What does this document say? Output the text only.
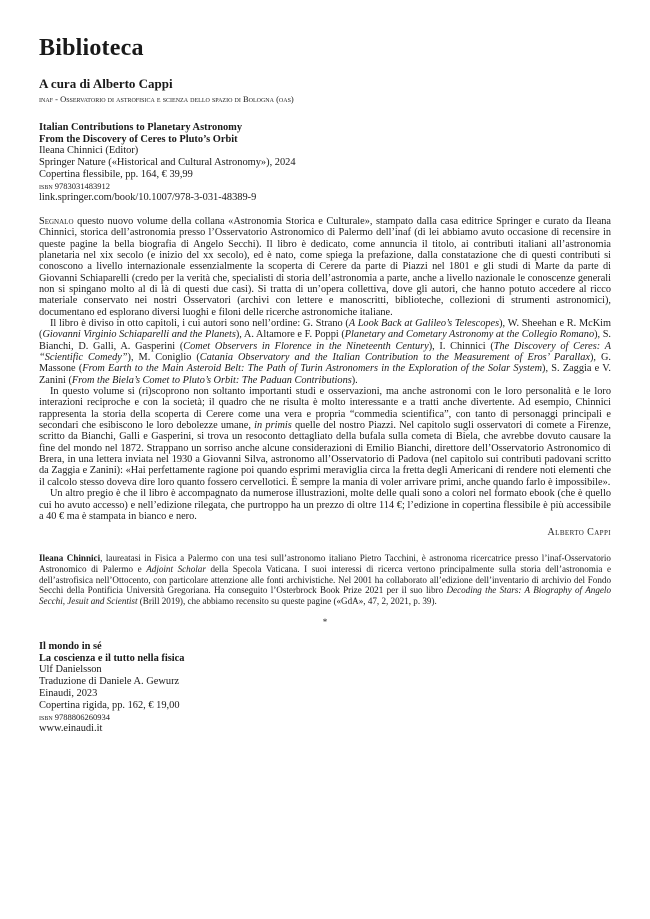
Biblioteca
A cura di Alberto Cappi
inaf - Osservatorio di astrofisica e scienza dello spazio di Bologna (oas)
Italian Contributions to Planetary Astronomy
From the Discovery of Ceres to Pluto’s Orbit
Ileana Chinnici (Editor)
Springer Nature («Historical and Cultural Astronomy»), 2024
Copertina flessibile, pp. 164, € 39,99
isbn 9783031483912
link.springer.com/book/10.1007/978-3-031-48389-9

Segnalo questo nuovo volume della collana «Astronomia Storica e Culturale», stampato dalla casa editrice Springer e curato da Ileana Chinnici, storica dell’astronomia presso l’Osservatorio Astronomico di Palermo dell’inaf (di lei abbiamo avuto occasione di recensire in queste pagine la bella biografia di Angelo Secchi). Il libro è dedicato, come annuncia il titolo, ai contributi italiani all’astronomia planetaria nel xix secolo (e inizio del xx secolo), ed è nato, come spiega la prefazione, dalla constatazione che di questi contributi si conoscono a livello internazionale essenzialmente la scoperta di Cerere da parte di Piazzi nel 1801 e gli studi di Marte da parte di Giovanni Schiaparelli (credo per la verità che, specialisti di storia dell’astronomia a parte, anche a livello nazionale le conoscenze generali non si spingano molto al di là di questi due casi). Si tratta di un’opera collettiva, dove gli autori, che hanno potuto accedere al ricco materiale conservato nei nostri Osservatori (archivi con lettere e manoscritti, biblioteche, collezioni di strumenti astronomici), documentano ed esplorano diversi luoghi e filoni delle ricerche astronomiche italiane.

Il libro è diviso in otto capitoli, i cui autori sono nell’ordine: G. Strano (A Look Back at Galileo’s Telescopes), W. Sheehan e R. McKim (Giovanni Virginio Schiaparelli and the Planets), A. Altamore e F. Poppi (Planetary and Cometary Astronomy at the Collegio Romano), S. Bianchi, D. Galli, A. Gasperini (Comet Observers in Florence in the Nineteenth Century), I. Chinnici (The Discovery of Ceres: A “Scientific Comedy”), M. Coniglio (Catania Observatory and the Italian Contribution to the Measurement of Eros’ Parallax), G. Massone (From Earth to the Main Asteroid Belt: The Path of Turin Astronomers in the Exploration of the Solar System), S. Zaggia e V. Zanini (From the Biela’s Comet to Pluto’s Orbit: The Paduan Contributions).

In questo volume si (ri)scoprono non soltanto importanti studi e osservazioni, ma anche astronomi con le loro personalità e le loro interazioni reciproche e con la società; il quadro che ne risulta è molto interessante e a tratti anche divertente. Ad esempio, Chinnici rappresenta la storia della scoperta di Cerere come una vera e propria “commedia scientifica”, con tanto di personaggi principali e secondari che esibiscono le loro debolezze umane, in primis quelle del nostro Piazzi. Nel capitolo sugli osservatori di comete a Firenze, scritto da Bianchi, Galli e Gasperini, si trova un resoconto dettagliato della bufala sulla cometa di Biela, che avrebbe dovuto causare la fine del mondo nel 1872. Strappano un sorriso anche alcune considerazioni di Emilio Bianchi, direttore dell’Osservatorio Astronomico di Brera, in una lettera inviata nel 1930 a Giovanni Silva, astronomo all’Osservatorio di Padova (nel capitolo sui contributi padovani scritto da Zaggia e Zanini): «Hai perfettamente ragione poi quando esprimi meraviglia circa la fretta degli Americani di rendere noti elementi che il calcolo stesso doveva dire loro quanto fossero cervellotici. È sempre la mania di voler arrivare primi, anche quando farlo è impossibile».

Un altro pregio è che il libro è accompagnato da numerose illustrazioni, molte delle quali sono a colori nel formato ebook (che è quello cui ho avuto accesso) e nell’edizione rilegata, che purtroppo ha un prezzo di oltre 114 €; l’edizione in copertina flessibile è più accessibile a 40 € ma è stampata in bianco e nero.

Alberto Cappi
Ileana Chinnici, laureatasi in Fisica a Palermo con una tesi sull’astronomo italiano Pietro Tacchini, è astronoma ricercatrice presso l’inaf-Osservatorio Astronomico di Palermo e Adjoint Scholar della Specola Vaticana. I suoi interessi di ricerca vertono principalmente sulla storia dell’astronomia e dell’astrofisica nell’Ottocento, con particolare attenzione alle fonti archivistiche. Nel 2001 ha collaborato all’edizione dell’inventario di archivio del Fondo Secchi della Pontificia Università Gregoriana. Ha conseguito l’Osterbrock Book Prize 2021 per il suo libro Decoding the Stars: A Biography of Angelo Secchi, Jesuit and Scientist (Brill 2019), che abbiamo recensito su queste pagine («GdA», 47, 2, 2021, p. 39).
*
Il mondo in sé
La coscienza e il tutto nella fisica
Ulf Danielsson
Traduzione di Daniele A. Gewurz
Einaudi, 2023
Copertina rigida, pp. 162, € 19,00
isbn 9788806260934
www.einaudi.it
